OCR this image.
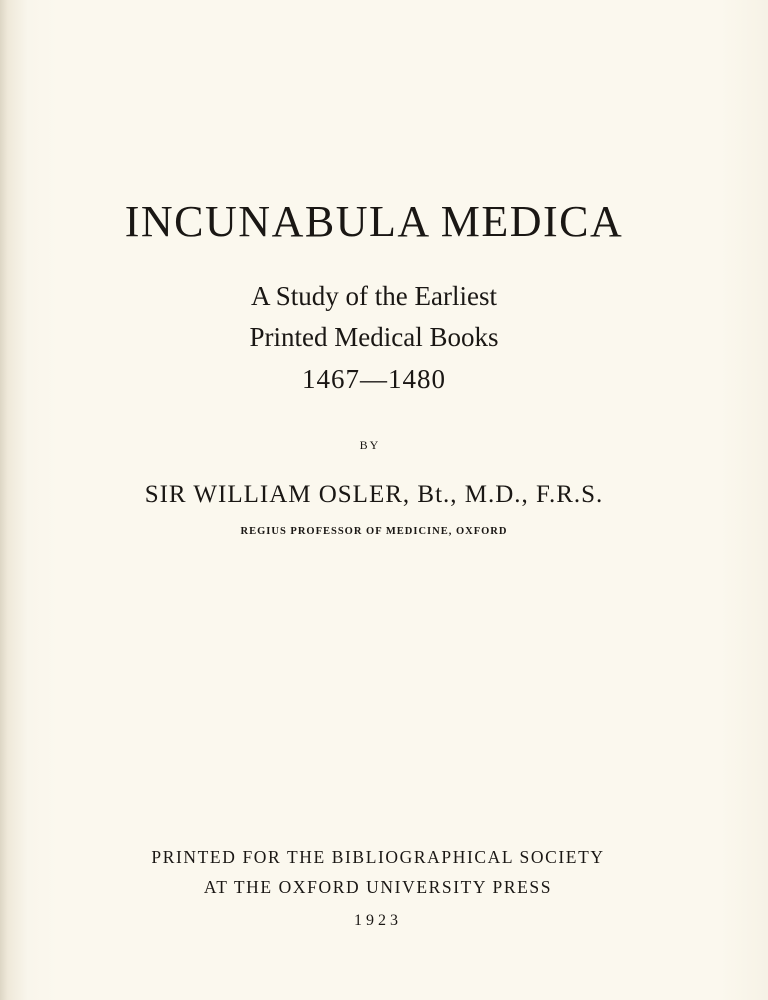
INCUNABULA MEDICA
A Study of the Earliest
Printed Medical Books
1467—1480
BY
SIR WILLIAM OSLER, Bt., M.D., F.R.S.
REGIUS PROFESSOR OF MEDICINE, OXFORD
PRINTED FOR THE BIBLIOGRAPHICAL SOCIETY
AT THE OXFORD UNIVERSITY PRESS
1923
